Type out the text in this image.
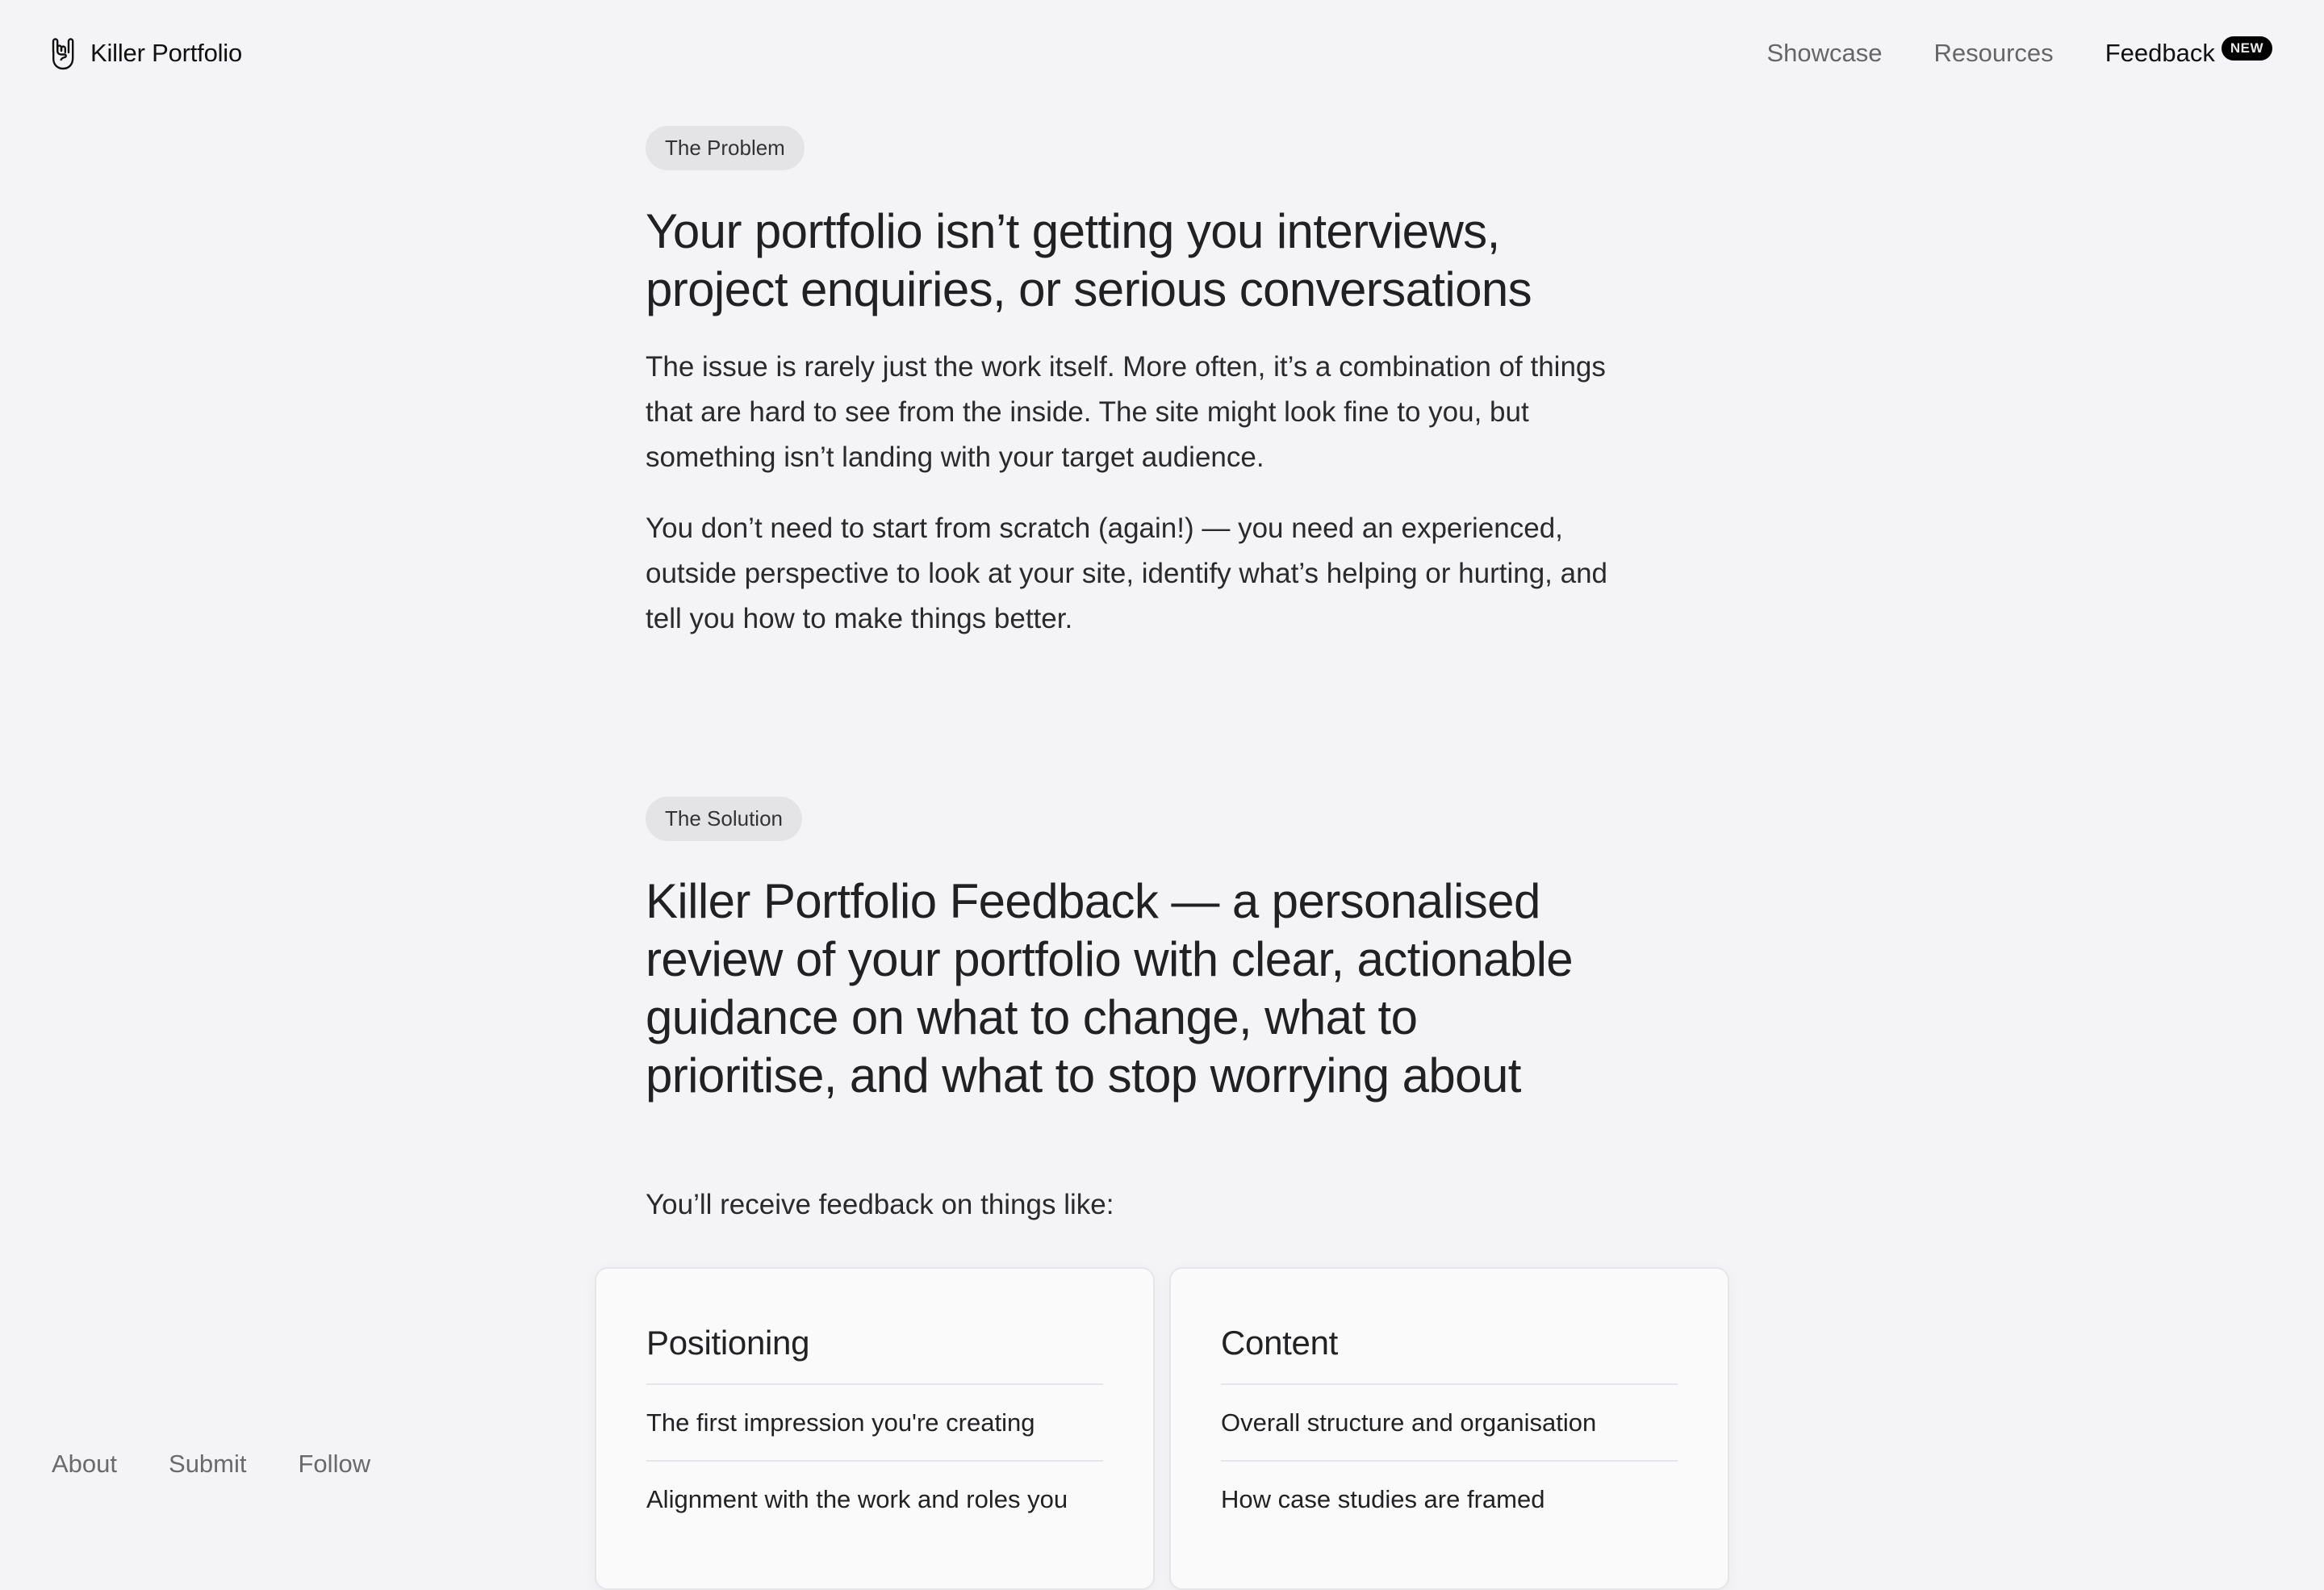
Killer Portfolio	Showcase Resources Feedback	NEW
The Problem
Your portfolio isn’t getting you interviews,
project enquiries, or serious conversations

The issue is rarely just the work itself. More often, it’s a combination of things
that are hard to see from the inside. The site might look fine to you, but
something isn’t landing with your target audience.

You don’t need to start from scratch (again!) — you need an experienced,
outside perspective to look at your site, identify what’s helping or hurting, and
tell you how to make things better.

The Solution
Killer Portfolio Feedback — a personalised
review of your portfolio with clear, actionable
guidance on what to change, what to
prioritise, and what to stop worrying about

You’ll receive feedback on things like:

Positioning
The first impression you're creating
Alignment with the work and roles you
Content
Overall structure and organisation
How case studies are framed
About Submit Follow
